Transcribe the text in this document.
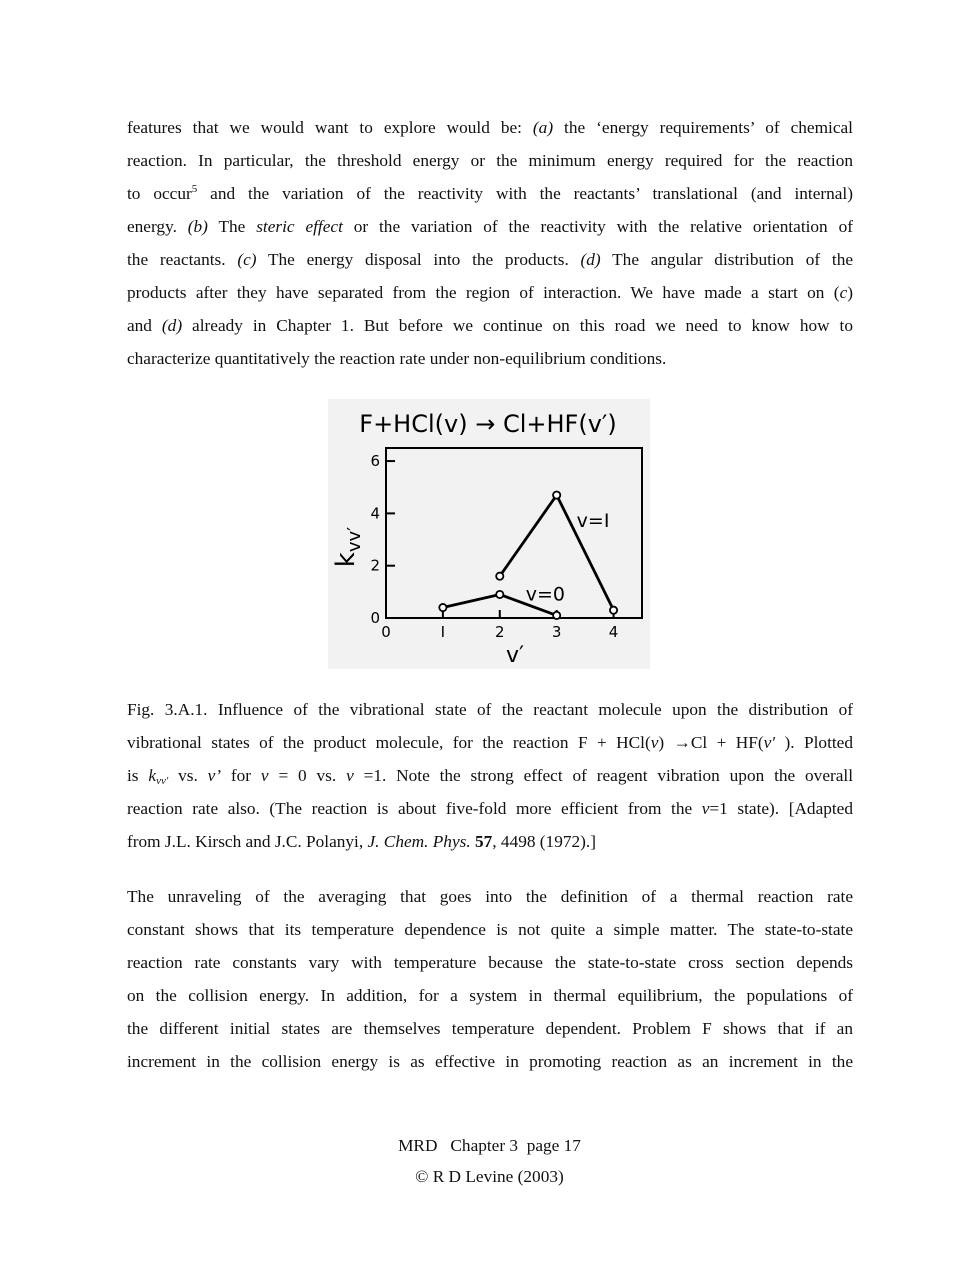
features that we would want to explore would be: (a) the ‘energy requirements’ of chemical
reaction. In particular, the threshold energy or the minimum energy required for the reaction
to occur$^5$ and the variation of the reactivity with the reactants’ translational (and internal)
energy. (b) The steric effect or the variation of the reactivity with the relative orientation of
the reactants. (c) The energy disposal into the products. (d) The angular distribution of the
products after they have separated from the region of interaction. We have made a start on (c)
and (d) already in Chapter 1. But before we continue on this road we need to know how to
characterize quantitatively the reaction rate under non-equilibrium conditions.
F+HCl(v) → Cl+HF(v′)
0	I	2	3	4
0
2
4
6
v=0
v=I
$k_{vv'}$
v′
Fig. 3.A.1. Influence of the vibrational state of the reactant molecule upon the distribution of
vibrational states of the product molecule, for the reaction F + HCl(v) →Cl + HF(v′ ). Plotted
is $k_{vv'}$ vs. v’ for v = 0 vs. v =1. Note the strong effect of reagent vibration upon the overall
reaction rate also. (The reaction is about five-fold more efficient from the v=1 state). [Adapted
from J.L. Kirsch and J.C. Polanyi, J. Chem. Phys. 57, 4498 (1972).]
The unraveling of the averaging that goes into the definition of a thermal reaction rate
constant shows that its temperature dependence is not quite a simple matter. The state-to-state
reaction rate constants vary with temperature because the state-to-state cross section depends
on the collision energy. In addition, for a system in thermal equilibrium, the populations of
the different initial states are themselves temperature dependent. Problem F shows that if an
increment in the collision energy is as effective in promoting reaction as an increment in the
MRD   Chapter 3  page 17
© R D Levine (2003)
